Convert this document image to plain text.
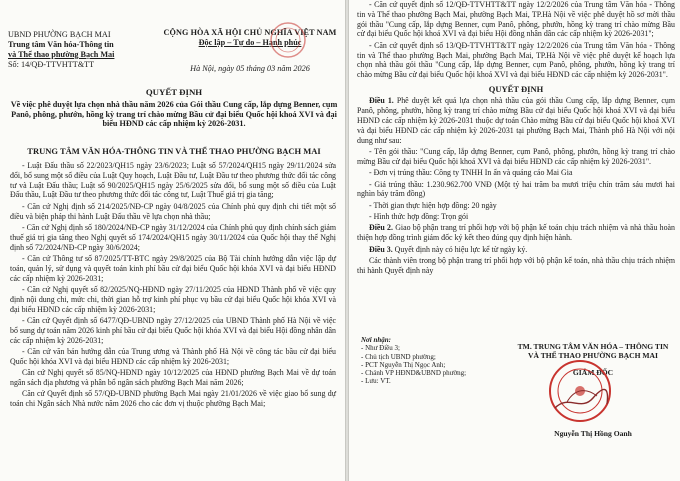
UBND PHƯỜNG BẠCH MAI
Trung tâm Văn hóa-Thông tin
và Thể thao phường Bạch Mai
Số: 14/QĐ-TTVHTT&TT
CỘNG HÒA XÃ HỘI CHỦ NGHĨA VIỆT NAM
Độc lập – Tự do – Hạnh phúc
Hà Nội, ngày 05 tháng 03 năm 2026
QUYẾT ĐỊNH
Về việc phê duyệt lựa chọn nhà thầu năm 2026 của Gói thầu Cung cấp, lắp dựng Benner, cụm Panô, phông, phướn, hồng kỳ trang trí chào mừng Bầu cử đại biểu Quốc hội khoá XVI và đại biểu HĐND các cấp nhiệm kỳ 2026-2031.
TRUNG TÂM VĂN HÓA-THÔNG TIN VÀ THỂ THAO PHƯỜNG BẠCH MAI

- Luật Đấu thầu số 22/2023/QH15 ngày 23/6/2023; Luật số 57/2024/QH15 ngày 29/11/2024 sửa đổi, bổ sung một số điều của Luật Quy hoạch, Luật Đầu tư, Luật Đầu tư theo phương thức đối tác công tư và Luật Đấu thầu; Luật số 90/2025/QH15 ngày 25/6/2025 sửa đổi, bổ sung một số điều của Luật Đấu thầu, Luật Đầu tư theo phương thức đối tác công tư, Luật Thuế giá trị gia tăng;

- Căn cứ Nghị định số 214/2025/NĐ-CP ngày 04/8/2025 của Chính phủ quy định chi tiết một số điều và biện pháp thi hành Luật Đấu thầu về lựa chọn nhà thầu;

- Căn cứ Nghị định số 180/2024/NĐ-CP ngày 31/12/2024 của Chính phủ quy định chính sách giảm thuế giá trị gia tăng theo Nghị quyết số 174/2024/QH15 ngày 30/11/2024 của Quốc hội thay thế Nghị định số 72/2024/NĐ-CP ngày 30/6/2024;

- Căn cứ Thông tư số 87/2025/TT-BTC ngày 29/8/2025 của Bộ Tài chính hướng dẫn việc lập dự toán, quản lý, sử dụng và quyết toán kinh phí bầu cử đại biểu Quốc hội khóa XVI và đại biểu HĐND các cấp nhiệm kỳ 2026-2031;

- Căn cứ Nghị quyết số 82/2025/NQ-HĐND ngày 27/11/2025 của HĐND Thành phố về việc quy định nội dung chi, mức chi, thời gian hỗ trợ kinh phí phục vụ bầu cử đại biểu Quốc hội khóa XVI và đại biểu HĐND các cấp nhiệm kỳ 2026-2031;

- Căn cứ Quyết định số 6477/QĐ-UBND ngày 27/12/2025 của UBND Thành phố Hà Nội về việc bổ sung dự toán năm 2026 kinh phí bầu cử đại biểu Quốc hội khóa XVI và đại biểu Hội đồng nhân dân các cấp nhiệm kỳ 2026-2031;

- Căn cứ văn bản hướng dẫn của Trung ương và Thành phố Hà Nội về công tác bầu cử đại biểu Quốc hội khóa XVI và đại biểu HĐND các cấp nhiệm kỳ 2026-2031;

Căn cứ Nghị quyết số 85/NQ-HĐND ngày 10/12/2025 của HĐND phường Bạch Mai về dự toán ngân sách địa phương và phân bổ ngân sách phường Bạch Mai năm 2026;

Căn cứ Quyết định số 57/QĐ-UBND phường Bạch Mai ngày 21/01/2026 về việc giao bổ sung dự toán chi Ngân sách Nhà nước năm 2026 cho các đơn vị thuộc phường Bạch Mai;

- Căn cứ quyết định số 12/QĐ-TTVHTT&TT ngày 12/2/2026 của Trung tâm Văn hóa - Thông tin và Thể thao phường Bạch Mai, phường Bạch Mai, TP.Hà Nội về việc phê duyệt hồ sơ mời thầu gói thầu "Cung cấp, lắp dựng Benner, cụm Panô, phông, phướn, hồng kỳ trang trí chào mừng Bầu cử đại biểu Quốc hội khoá XVI và đại biểu Hội đồng nhân dân các cấp nhiệm kỳ 2026-2031";

- Căn cứ quyết định số 13/QĐ-TTVHTT&TT ngày 12/2/2026 của Trung tâm Văn hóa - Thông tin và Thể thao phường Bạch Mai, phường Bạch Mai, TP.Hà Nội về việc phê duyệt kế hoạch lựa chọn nhà thầu gói thầu "Cung cấp, lắp dựng Benner, cụm Panô, phông, phướn, hồng kỳ trang trí chào mừng Bầu cử đại biểu Quốc hội khoá XVI và đại biểu HĐND các cấp nhiệm kỳ 2026-2031".

QUYẾT ĐỊNH

Điều 1. Phê duyệt kết quả lựa chọn nhà thầu của gói thầu Cung cấp, lắp dựng Benner, cụm Panô, phông, phướn, hồng kỳ trang trí chào mừng Bầu cử đại biểu Quốc hội khoá XVI và đại biểu HĐND các cấp nhiệm kỳ 2026-2031 thuộc dự toán Chào mừng Bầu cử đại biểu Quốc hội khoá XVI và đại biểu HĐND các cấp nhiệm kỳ 2026-2031 tại phường Bạch Mai, Thành phố Hà Nội với nội dung như sau:

- Tên gói thầu: "Cung cấp, lắp dựng Benner, cụm Panô, phông, phướn, hồng kỳ trang trí chào mừng Bầu cử đại biểu Quốc hội khoá XVI và đại biểu HĐND các cấp nhiệm kỳ 2026-2031".

- Đơn vị trúng thầu: Công ty TNHH In ấn và quảng cáo Mai Gia

- Giá trúng thầu: 1.230.962.700 VNĐ (Một tỷ hai trăm ba mươi triệu chín trăm sáu mươi hai nghìn bảy trăm đồng)

- Thời gian thực hiện hợp đồng: 20 ngày

- Hình thức hợp đồng: Trọn gói

Điều 2. Giao bộ phận trang trí phối hợp với bộ phận kế toán chịu trách nhiệm và nhà thầu hoàn thiện hợp đồng trình giám đốc ký kết theo đúng quy định hiện hành.

Điều 3. Quyết định này có hiệu lực kể từ ngày ký.

Các thành viên trong bộ phận trang trí phối hợp với bộ phận kế toán, nhà thầu chịu trách nhiệm thi hành Quyết định này

Nơi nhận:
- Như Điều 3;
- Chủ tịch UBND phường;
- PCT Nguyễn Thị Ngọc Anh;
- Chánh VP HĐND&UBND phường;
- Lưu: VT.
TM. TRUNG TÂM VĂN HÓA – THÔNG TIN
VÀ THỂ THAO PHƯỜNG BẠCH MAI
GIÁM ĐỐC
Nguyễn Thị Hồng Oanh
